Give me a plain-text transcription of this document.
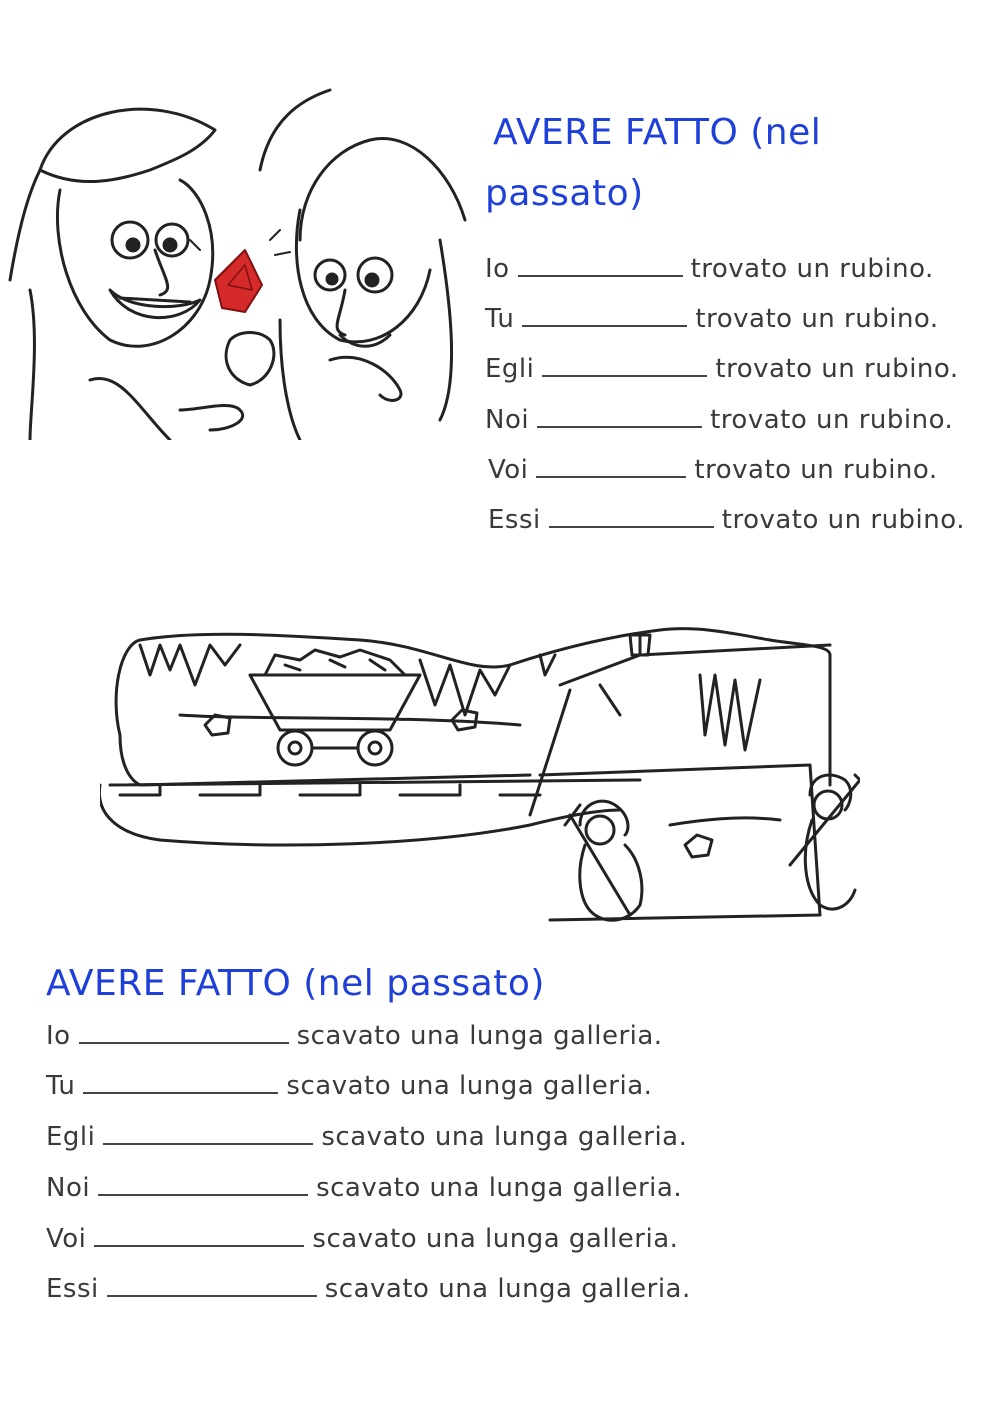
AVERE FATTO (nel
passato)
Io	trovato un rubino.
Tu	trovato un rubino.
Egli	trovato un rubino.
Noi	trovato un rubino.
Voi	trovato un rubino.
Essi	trovato un rubino.
AVERE FATTO (nel passato)
Io	scavato una lunga galleria.
Tu	scavato una lunga galleria.
Egli	scavato una lunga galleria.
Noi	scavato una lunga galleria.
Voi	scavato una lunga galleria.
Essi	scavato una lunga galleria.
